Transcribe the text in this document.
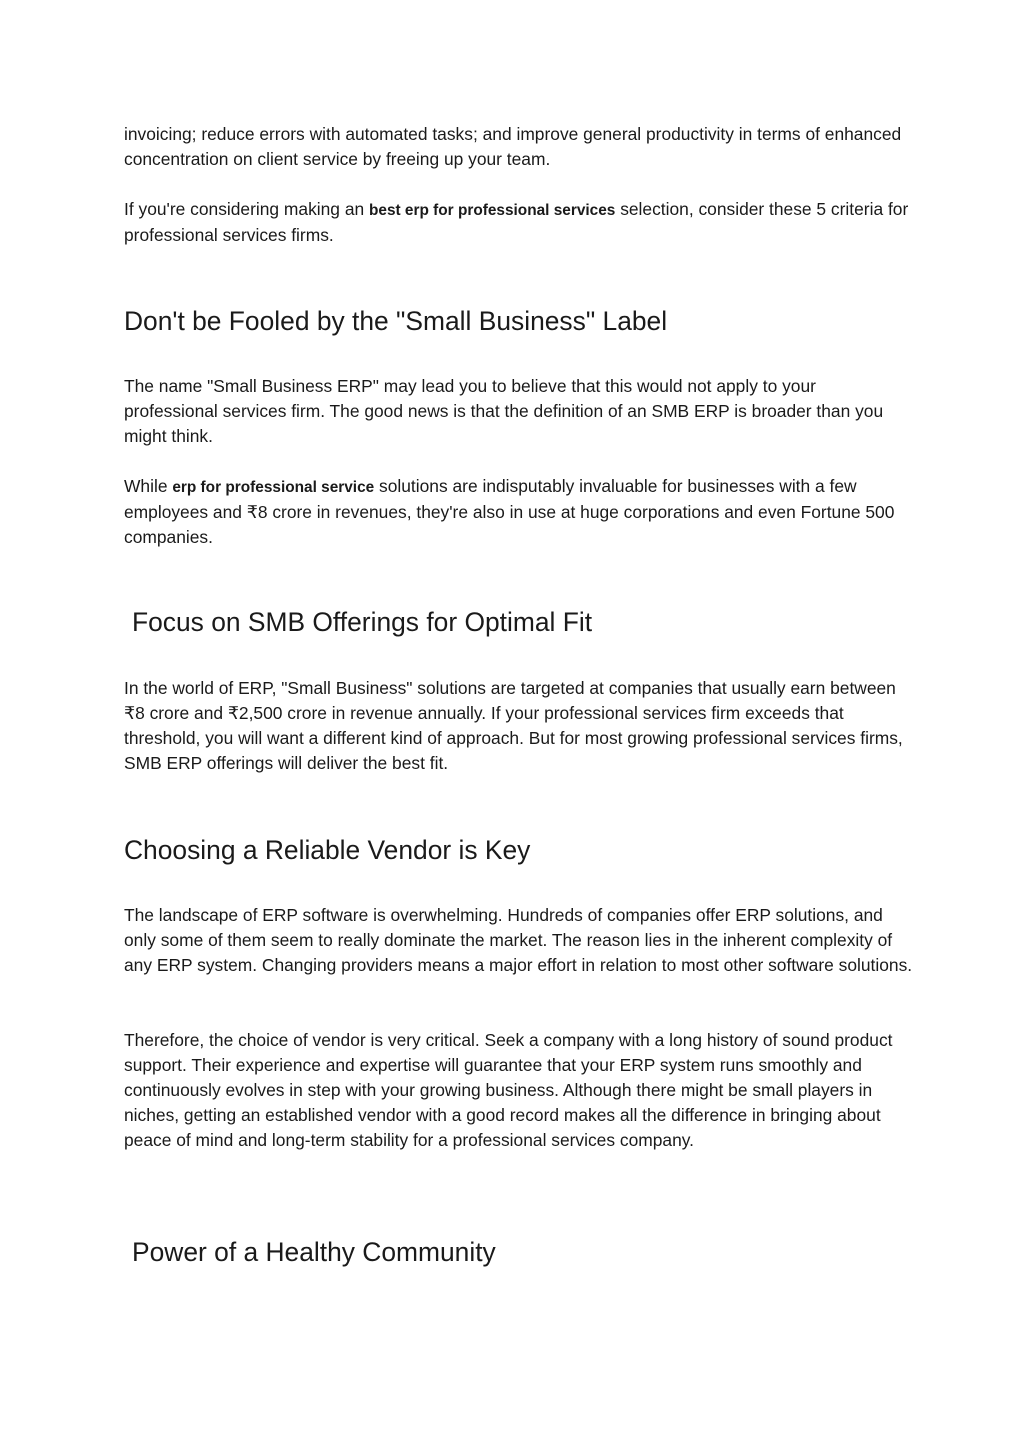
invoicing; reduce errors with automated tasks; and improve general productivity in terms of enhanced concentration on client service by freeing up your team.

If you're considering making an best erp for professional services selection, consider these 5 criteria for professional services firms.

Don't be Fooled by the "Small Business" Label

The name "Small Business ERP" may lead you to believe that this would not apply to your professional services firm. The good news is that the definition of an SMB ERP is broader than you might think.

While erp for professional service solutions are indisputably invaluable for businesses with a few employees and ₹8 crore in revenues, they're also in use at huge corporations and even Fortune 500 companies.

Focus on SMB Offerings for Optimal Fit

In the world of ERP, "Small Business" solutions are targeted at companies that usually earn between ₹8 crore and ₹2,500 crore in revenue annually. If your professional services firm exceeds that threshold, you will want a different kind of approach. But for most growing professional services firms, SMB ERP offerings will deliver the best fit.

Choosing a Reliable Vendor is Key

The landscape of ERP software is overwhelming. Hundreds of companies offer ERP solutions, and only some of them seem to really dominate the market. The reason lies in the inherent complexity of any ERP system. Changing providers means a major effort in relation to most other software solutions.

Therefore, the choice of vendor is very critical. Seek a company with a long history of sound product support. Their experience and expertise will guarantee that your ERP system runs smoothly and continuously evolves in step with your growing business. Although there might be small players in niches, getting an established vendor with a good record makes all the difference in bringing about peace of mind and long-term stability for a professional services company.

Power of a Healthy Community
